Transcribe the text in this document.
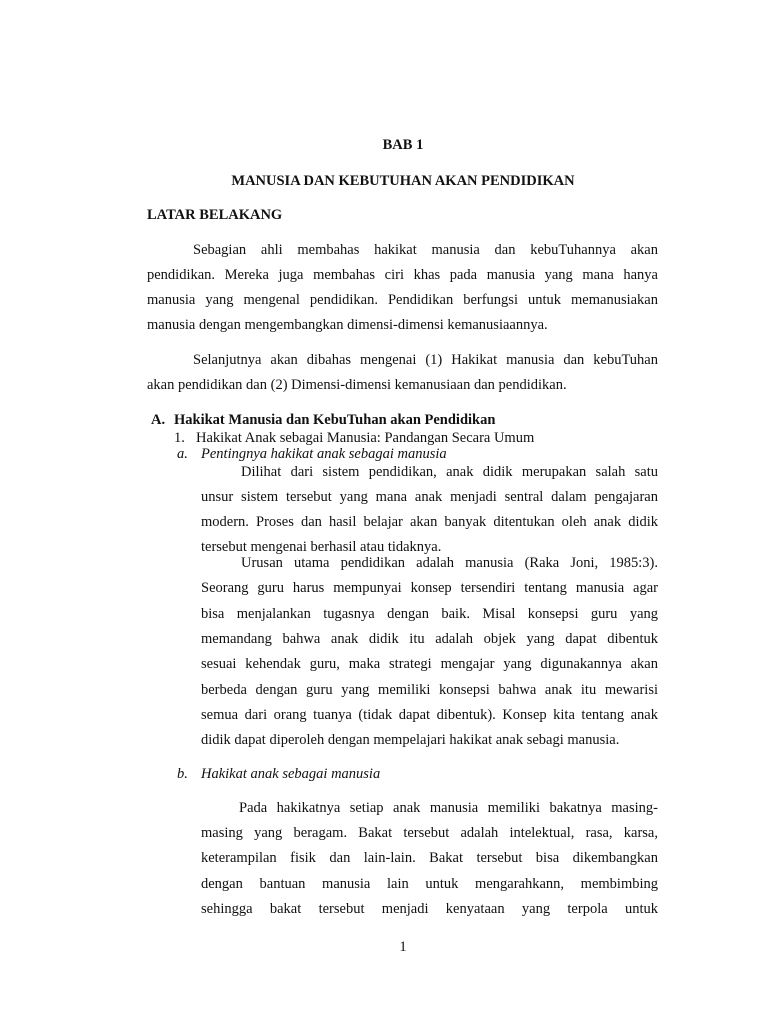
BAB 1
MANUSIA DAN KEBUTUHAN AKAN PENDIDIKAN
LATAR BELAKANG
Sebagian ahli membahas hakikat manusia dan kebuTuhannya akan
pendidikan. Mereka juga membahas ciri khas pada manusia yang mana hanya
manusia yang mengenal pendidikan. Pendidikan berfungsi untuk memanusiakan
manusia dengan mengembangkan dimensi-dimensi kemanusiaannya.
Selanjutnya akan dibahas mengenai (1) Hakikat manusia dan kebuTuhan
akan pendidikan dan (2) Dimensi-dimensi kemanusiaan dan pendidikan.
A. Hakikat Manusia dan KebuTuhan akan Pendidikan
1. Hakikat Anak sebagai Manusia: Pandangan Secara Umum
a. Pentingnya hakikat anak sebagai manusia
Dilihat dari sistem pendidikan, anak didik merupakan salah satu
unsur sistem tersebut yang mana anak menjadi sentral dalam pengajaran
modern. Proses dan hasil belajar akan banyak ditentukan oleh anak didik
tersebut mengenai berhasil atau tidaknya.
Urusan utama pendidikan adalah manusia (Raka Joni, 1985:3).
Seorang guru harus mempunyai konsep tersendiri tentang manusia agar
bisa menjalankan tugasnya dengan baik. Misal konsepsi guru yang
memandang bahwa anak didik itu adalah objek yang dapat dibentuk
sesuai kehendak guru, maka strategi mengajar yang digunakannya akan
berbeda dengan guru yang memiliki konsepsi bahwa anak itu mewarisi
semua dari orang tuanya (tidak dapat dibentuk). Konsep kita tentang anak
didik dapat diperoleh dengan mempelajari hakikat anak sebagi manusia.
b. Hakikat anak sebagai manusia
Pada hakikatnya setiap anak manusia memiliki bakatnya masing-
masing yang beragam. Bakat tersebut adalah intelektual, rasa, karsa,
keterampilan fisik dan lain-lain. Bakat tersebut bisa dikembangkan
dengan bantuan manusia lain untuk mengarahkann, membimbing
sehingga bakat tersebut menjadi kenyataan yang terpola untuk
1
